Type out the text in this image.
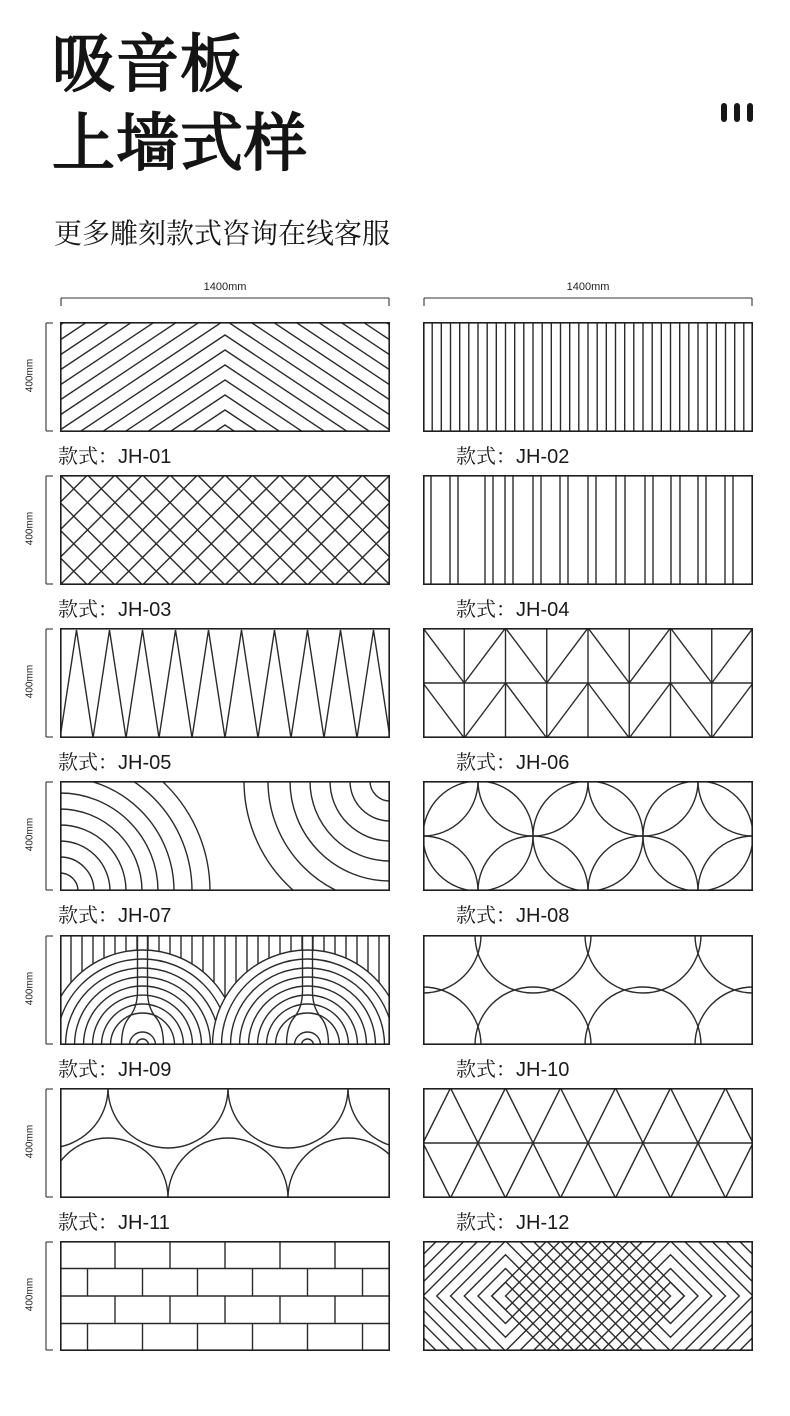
吸音板
上墙式样
更多雕刻款式咨询在线客服
款式：JH-01
1400mm
400mm
款式：JH-02
1400mm
款式：JH-03
400mm
款式：JH-04
款式：JH-05
400mm
款式：JH-06
款式：JH-07
400mm
款式：JH-08
款式：JH-09
400mm
款式：JH-10
款式：JH-11
400mm
款式：JH-12
400mm
